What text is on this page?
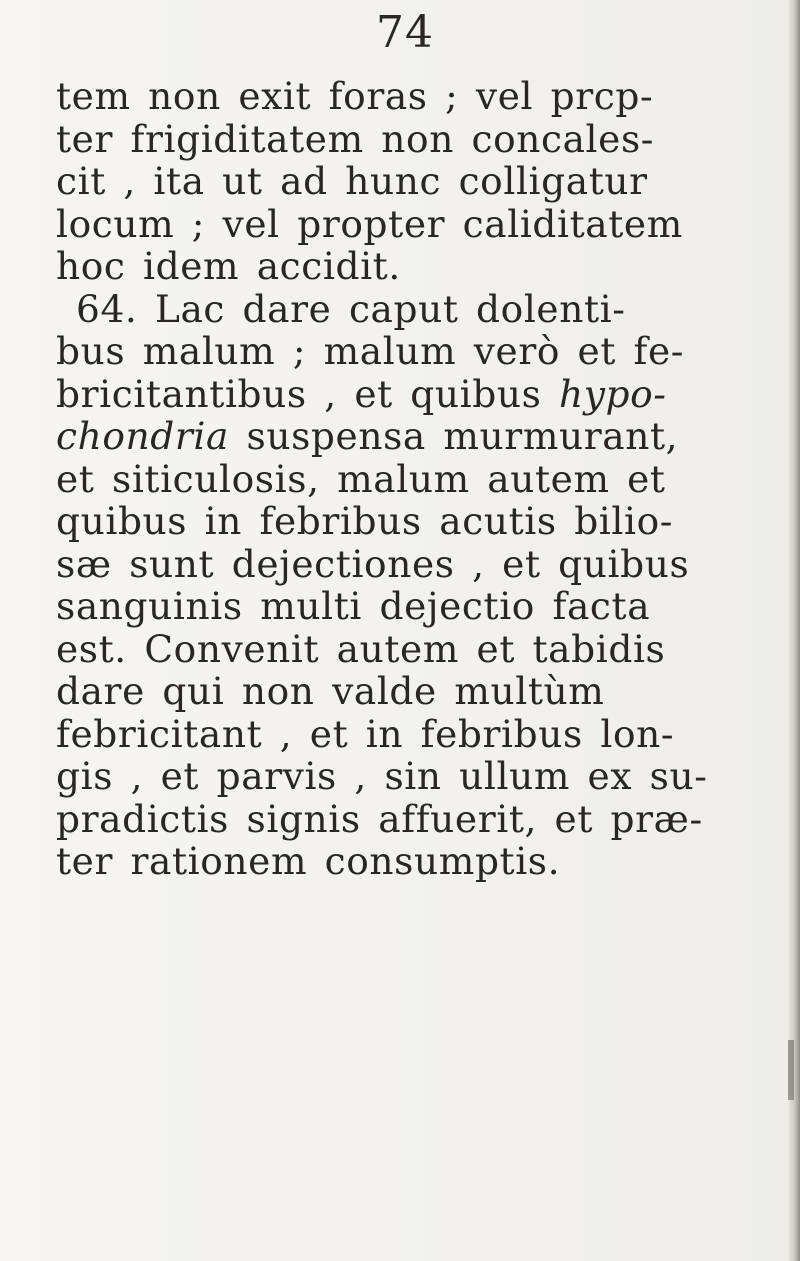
74
tem non exit foras ; vel prcp-
ter frigiditatem non concales-
cit , ita ut ad hunc colligatur
locum ; vel propter caliditatem
hoc idem accidit.
64. Lac dare caput dolenti-
bus malum ; malum verò et fe-
bricitantibus , et quibus hypo-
chondria suspensa murmurant,
et siticulosis, malum autem et
quibus in febribus acutis bilio-
sæ sunt dejectiones , et quibus
sanguinis multi dejectio facta
est. Convenit autem et tabidis
dare qui non valde multùm
febricitant , et in febribus lon-
gis , et parvis , sin ullum ex su-
pradictis signis affuerit, et præ-
ter rationem consumptis.
